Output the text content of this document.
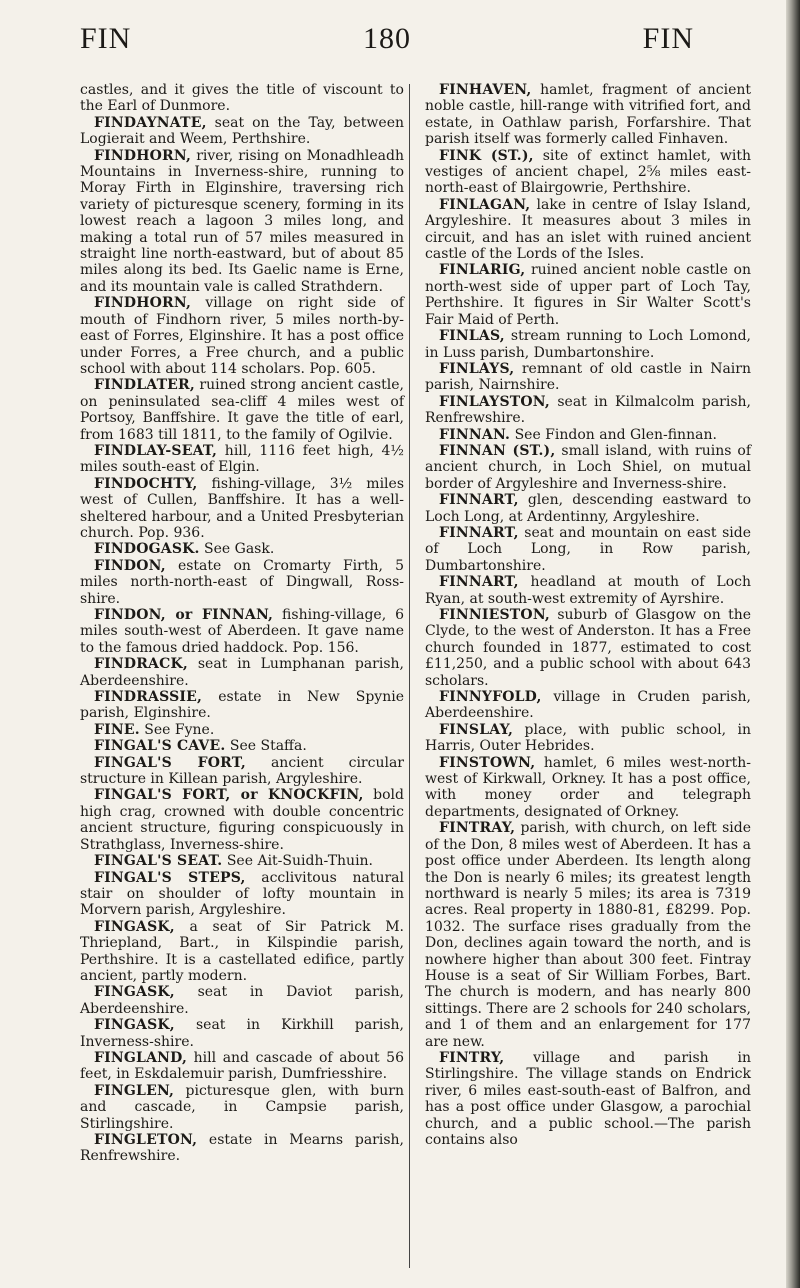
FIN	180	FIN

castles, and it gives the title of viscount to the Earl of Dunmore.

FINDAYNATE, seat on the Tay, between Logierait and Weem, Perthshire.

FINDHORN, river, rising on Monadhleadh Mountains in Inverness-shire, running to Moray Firth in Elginshire, traversing rich variety of picturesque scenery, forming in its lowest reach a lagoon 3 miles long, and making a total run of 57 miles measured in straight line north-eastward, but of about 85 miles along its bed. Its Gaelic name is Erne, and its mountain vale is called Strathdern.

FINDHORN, village on right side of mouth of Findhorn river, 5 miles north-by-east of Forres, Elginshire. It has a post office under Forres, a Free church, and a public school with about 114 scholars. Pop. 605.

FINDLATER, ruined strong ancient castle, on peninsulated sea-cliff 4 miles west of Portsoy, Banffshire. It gave the title of earl, from 1683 till 1811, to the family of Ogilvie.

FINDLAY-SEAT, hill, 1116 feet high, 4½ miles south-east of Elgin.

FINDOCHTY, fishing-village, 3½ miles west of Cullen, Banffshire. It has a well-sheltered harbour, and a United Presbyterian church. Pop. 936.

FINDOGASK. See Gask.

FINDON, estate on Cromarty Firth, 5 miles north-north-east of Dingwall, Ross-shire.

FINDON, or FINNAN, fishing-village, 6 miles south-west of Aberdeen. It gave name to the famous dried haddock. Pop. 156.

FINDRACK, seat in Lumphanan parish, Aberdeenshire.

FINDRASSIE, estate in New Spynie parish, Elginshire.

FINE. See Fyne.

FINGAL'S CAVE. See Staffa.

FINGAL'S FORT, ancient circular structure in Killean parish, Argyleshire.

FINGAL'S FORT, or KNOCKFIN, bold high crag, crowned with double concentric ancient structure, figuring conspicuously in Strathglass, Inverness-shire.

FINGAL'S SEAT. See Ait-Suidh-Thuin.

FINGAL'S STEPS, acclivitous natural stair on shoulder of lofty mountain in Morvern parish, Argyleshire.

FINGASK, a seat of Sir Patrick M. Thriepland, Bart., in Kilspindie parish, Perthshire. It is a castellated edifice, partly ancient, partly modern.

FINGASK, seat in Daviot parish, Aberdeenshire.

FINGASK, seat in Kirkhill parish, Inverness-shire.

FINGLAND, hill and cascade of about 56 feet, in Eskdalemuir parish, Dumfriesshire.

FINGLEN, picturesque glen, with burn and cascade, in Campsie parish, Stirlingshire.

FINGLETON, estate in Mearns parish, Renfrewshire.

FINHAVEN, hamlet, fragment of ancient noble castle, hill-range with vitrified fort, and estate, in Oathlaw parish, Forfarshire. That parish itself was formerly called Finhaven.

FINK (ST.), site of extinct hamlet, with vestiges of ancient chapel, 2⅝ miles east-north-east of Blairgowrie, Perthshire.

FINLAGAN, lake in centre of Islay Island, Argyleshire. It measures about 3 miles in circuit, and has an islet with ruined ancient castle of the Lords of the Isles.

FINLARIG, ruined ancient noble castle on north-west side of upper part of Loch Tay, Perthshire. It figures in Sir Walter Scott's Fair Maid of Perth.

FINLAS, stream running to Loch Lomond, in Luss parish, Dumbartonshire.

FINLAYS, remnant of old castle in Nairn parish, Nairnshire.

FINLAYSTON, seat in Kilmalcolm parish, Renfrewshire.

FINNAN. See Findon and Glen-finnan.

FINNAN (ST.), small island, with ruins of ancient church, in Loch Shiel, on mutual border of Argyleshire and Inverness-shire.

FINNART, glen, descending eastward to Loch Long, at Ardentinny, Argyleshire.

FINNART, seat and mountain on east side of Loch Long, in Row parish, Dumbartonshire.

FINNART, headland at mouth of Loch Ryan, at south-west extremity of Ayrshire.

FINNIESTON, suburb of Glasgow on the Clyde, to the west of Anderston. It has a Free church founded in 1877, estimated to cost £11,250, and a public school with about 643 scholars.

FINNYFOLD, village in Cruden parish, Aberdeenshire.

FINSLAY, place, with public school, in Harris, Outer Hebrides.

FINSTOWN, hamlet, 6 miles west-north-west of Kirkwall, Orkney. It has a post office, with money order and telegraph departments, designated of Orkney.

FINTRAY, parish, with church, on left side of the Don, 8 miles west of Aberdeen. It has a post office under Aberdeen. Its length along the Don is nearly 6 miles; its greatest length northward is nearly 5 miles; its area is 7319 acres. Real property in 1880-81, £8299. Pop. 1032. The surface rises gradually from the Don, declines again toward the north, and is nowhere higher than about 300 feet. Fintray House is a seat of Sir William Forbes, Bart. The church is modern, and has nearly 800 sittings. There are 2 schools for 240 scholars, and 1 of them and an enlargement for 177 are new.

FINTRY, village and parish in Stirlingshire. The village stands on Endrick river, 6 miles east-south-east of Balfron, and has a post office under Glasgow, a parochial church, and a public school.—The parish contains also
